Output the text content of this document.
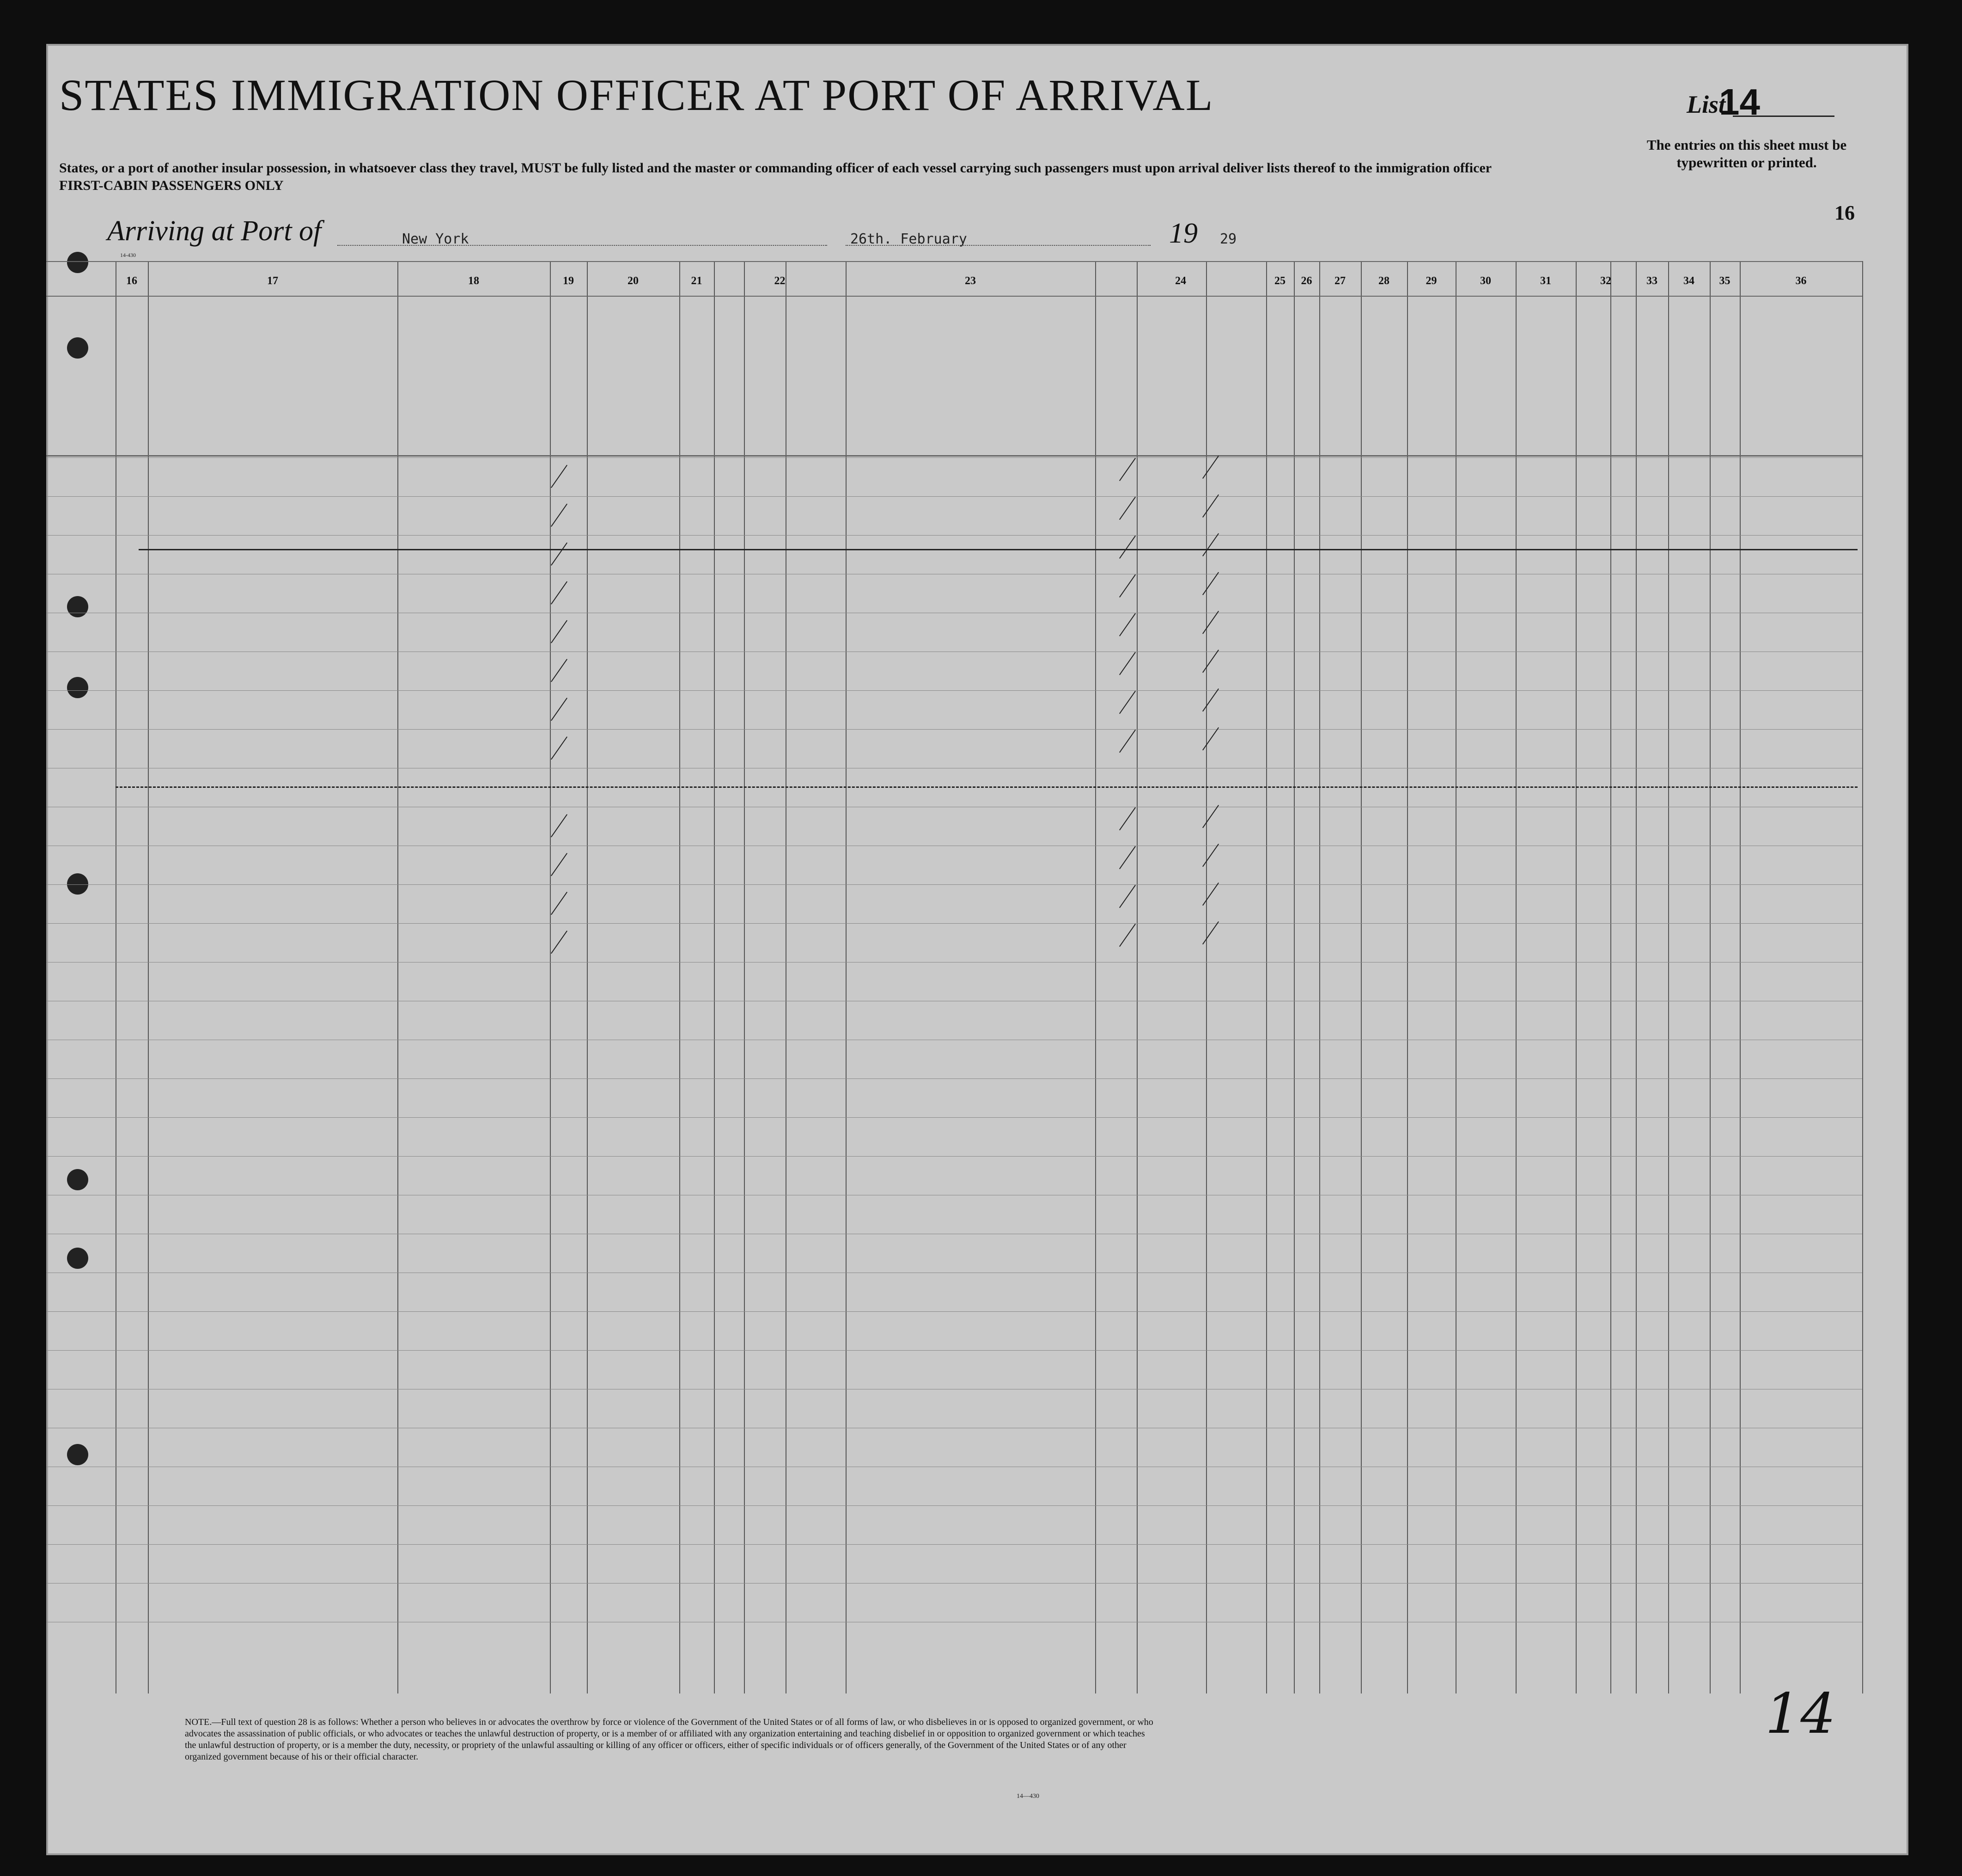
STATES IMMIGRATION OFFICER AT PORT OF ARRIVAL
States, or a port of another insular possession, in whatsoever class they travel, MUST be fully listed and the master or commanding officer of each vessel carrying such passengers must upon arrival deliver lists thereof to the immigration officer
FIRST-CABIN PASSENGERS ONLY
List
14
The entries on this sheet must be typewritten or printed.
16
Arriving at Port of	New York	26th. February	19 29
14-430
16	17	18	19	20	21	22	23	24	25	26	27	28	29	30	31	32	33	34	35	36
NOTE.—Full text of question 28 is as follows: Whether a person who believes in or advocates the overthrow by force or violence of the Government of the United States or of all forms of law, or who disbelieves in or is opposed to organized government, or who advocates the assassination of public officials, or who advocates or teaches the unlawful destruction of property, or is a member of or affiliated with any organization entertaining and teaching disbelief in or opposition to organized government or which teaches the unlawful destruction of property, or is a member the duty, necessity, or propriety of the unlawful assaulting or killing of any officer or officers, either of specific individuals or of officers generally, of the Government of the United States or of any other organized government because of his or their official character.
14—430
14
